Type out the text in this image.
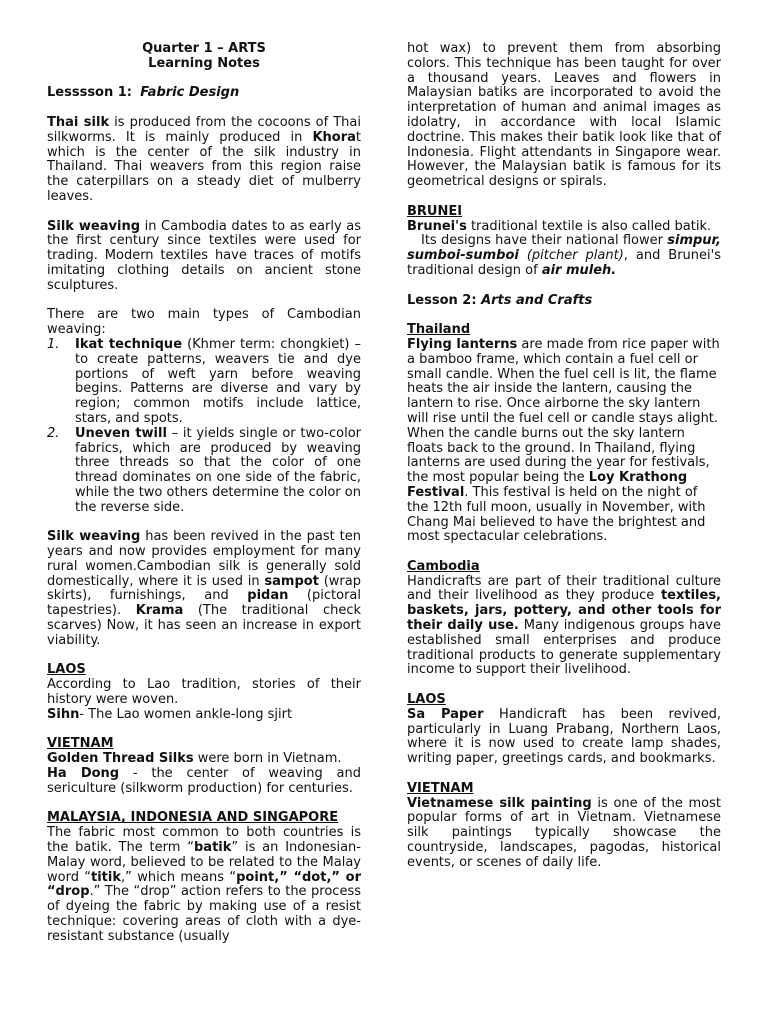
Quarter 1 – ARTS

Learning Notes

Lesssson 1: Fabric Design

Thai silk is produced from the cocoons of Thai silkworms. It is mainly produced in Khorat which is the center of the silk industry in Thailand. Thai weavers from this region raise the caterpillars on a steady diet of mulberry leaves.

Silk weaving in Cambodia dates to as early as the first century since textiles were used for trading. Modern textiles have traces of motifs imitating clothing details on ancient stone sculptures.

There are two main types of Cambodian weaving:

1. Ikat technique (Khmer term: chongkiet) – to create patterns, weavers tie and dye portions of weft yarn before weaving begins. Patterns are diverse and vary by region; common motifs include lattice, stars, and spots.
2. Uneven twill – it yields single or two-color fabrics, which are produced by weaving three threads so that the color of one thread dominates on one side of the fabric, while the two others determine the color on the reverse side.

Silk weaving has been revived in the past ten years and now provides employment for many rural women.Cambodian silk is generally sold domestically, where it is used in sampot (wrap skirts), furnishings, and pidan (pictoral tapestries). Krama (The traditional check scarves) Now, it has seen an increase in export viability.

LAOS

According to Lao tradition, stories of their history were woven.

Sihn- The Lao women ankle-long sjirt

VIETNAM

Golden Thread Silks were born in Vietnam.

Ha Dong - the center of weaving and sericulture (silkworm production) for centuries.

MALAYSIA, INDONESIA AND SINGAPORE

The fabric most common to both countries is the batik. The term “batik” is an Indonesian-Malay word, believed to be related to the Malay word “titik,” which means “point,” “dot,” or “drop.” The “drop” action refers to the process of dyeing the fabric by making use of a resist technique: covering areas of cloth with a dye-resistant substance (usually

hot wax) to prevent them from absorbing colors. This technique has been taught for over a thousand years. Leaves and flowers in Malaysian batiks are incorporated to avoid the interpretation of human and animal images as idolatry, in accordance with local Islamic doctrine. This makes their batik look like that of Indonesia. Flight attendants in Singapore wear. However, the Malaysian batik is famous for its geometrical designs or spirals.

BRUNEI

Brunei's traditional textile is also called batik.

Its designs have their national flower simpur, sumboi-sumboi (pitcher plant), and Brunei's traditional design of air muleh.

Lesson 2: Arts and Crafts

Thailand

Flying lanterns are made from rice paper with a bamboo frame, which contain a fuel cell or small candle. When the fuel cell is lit, the flame heats the air inside the lantern, causing the lantern to rise. Once airborne the sky lantern will rise until the fuel cell or candle stays alight. When the candle burns out the sky lantern floats back to the ground. In Thailand, flying lanterns are used during the year for festivals, the most popular being the Loy Krathong Festival. This festival is held on the night of the 12th full moon, usually in November, with Chang Mai believed to have the brightest and most spectacular celebrations.

Cambodia

Handicrafts are part of their traditional culture and their livelihood as they produce textiles, baskets, jars, pottery, and other tools for their daily use. Many indigenous groups have established small enterprises and produce traditional products to generate supplementary income to support their livelihood.

LAOS

Sa Paper Handicraft has been revived, particularly in Luang Prabang, Northern Laos, where it is now used to create lamp shades, writing paper, greetings cards, and bookmarks.

VIETNAM

Vietnamese silk painting is one of the most popular forms of art in Vietnam. Vietnamese silk paintings typically showcase the countryside, landscapes, pagodas, historical events, or scenes of daily life.
